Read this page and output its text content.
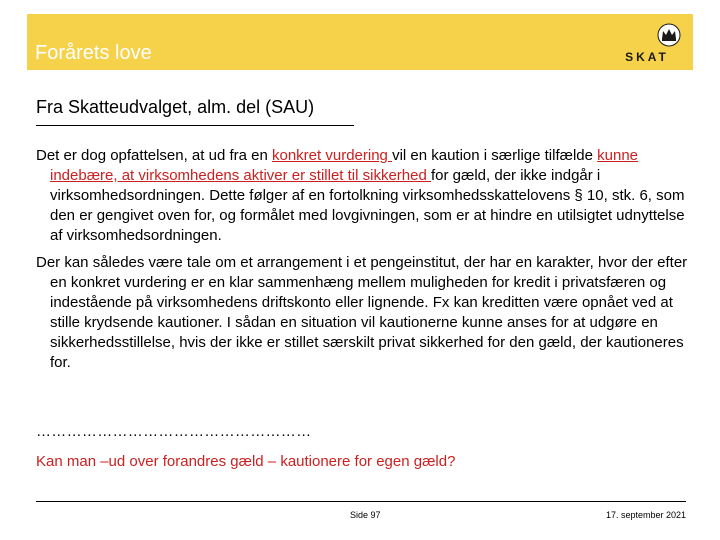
Forårets love	SKAT
Fra Skatteudvalget, alm. del (SAU)

Det er dog opfattelsen, at ud fra en konkret vurdering vil en kaution i særlige tilfælde kunne indebære, at virksomhedens aktiver er stillet til sikkerhed for gæld, der ikke indgår i virksomhedsordningen. Dette følger af en fortolkning virksomhedsskattelovens § 10, stk. 6, som den er gengivet oven for, og formålet med lovgivningen, som er at hindre en utilsigtet udnyttelse af virksomhedsordningen.

Der kan således være tale om et arrangement i et pengeinstitut, der har en karakter, hvor der efter en konkret vurdering er en klar sammenhæng mellem muligheden for kredit i privatsfæren og indestående på virksomhedens driftskonto eller lignende. Fx kan kreditten være opnået ved at stille krydsende kautioner. I sådan en situation vil kautionerne kunne anses for at udgøre en sikkerhedsstillelse, hvis der ikke er stillet særskilt privat sikkerhed for den gæld, der kautioneres for.

………………………………………………
Kan man –ud over forandres gæld – kautionere for egen gæld?
Side 97	17. september 2021
